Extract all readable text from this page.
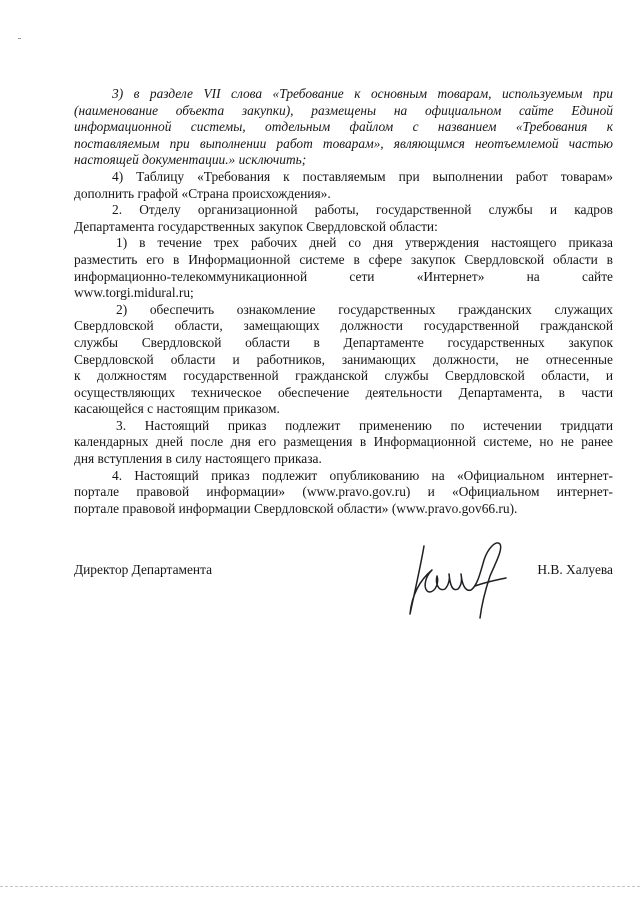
3) в разделе VII слова «Требование к основным товарам, используемым при
(наименование объекта закупки), размещены на официальном сайте Единой
информационной системы, отдельным файлом с названием «Требования к
поставляемым при выполнении работ товарам», являющимся неотъемлемой частью
настоящей документации.» исключить;
4) Таблицу «Требования к поставляемым при выполнении работ товарам»
дополнить графой «Страна происхождения».
2. Отделу организационной работы, государственной службы и кадров
Департамента государственных закупок Свердловской области:
1) в течение трех рабочих дней со дня утверждения настоящего приказа
разместить его в Информационной системе в сфере закупок Свердловской области в
информационно-телекоммуникационной сети «Интернет» на сайте
www.torgi.midural.ru;
2) обеспечить ознакомление государственных гражданских служащих
Свердловской области, замещающих должности государственной гражданской
службы Свердловской области в Департаменте государственных закупок
Свердловской области и работников, занимающих должности, не отнесенные
к должностям государственной гражданской службы Свердловской области, и
осуществляющих техническое обеспечение деятельности Департамента, в части
касающейся с настоящим приказом.
3. Настоящий приказ подлежит применению по истечении тридцати
календарных дней после дня его размещения в Информационной системе, но не ранее
дня вступления в силу настоящего приказа.
4. Настоящий приказ подлежит опубликованию на «Официальном интернет-
портале правовой информации» (www.pravo.gov.ru) и «Официальном интернет-
портале правовой информации Свердловской области» (www.pravo.gov66.ru).
Директор Департамента	Н.В. Халуева
